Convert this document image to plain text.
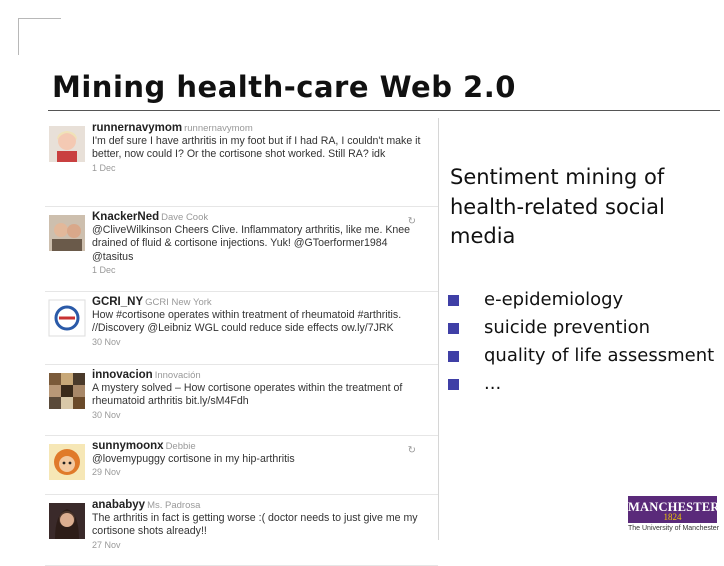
Mining health-care Web 2.0
runnernavymom runnernavymom
I'm def sure I have arthritis in my foot but if I had RA, I couldn't make it better, now could I? Or the cortisone shot worked. Still RA? idk
1 Dec
↻
KnackerNed Dave Cook
@CliveWilkinson Cheers Clive. Inflammatory arthritis, like me. Knee drained of fluid & cortisone injections. Yuk! @GToerformer1984 @tasitus
1 Dec
GCRI_NY GCRI New York
How #cortisone operates within treatment of rheumatoid #arthritis. //Discovery @Leibniz WGL could reduce side effects ow.ly/7JRK
30 Nov
innovacion Innovación
A mystery solved – How cortisone operates within the treatment of rheumatoid arthritis bit.ly/sM4Fdh
30 Nov
↻
sunnymoonx Debbie
@lovemypuggy cortisone in my hip-arthritis
29 Nov
anababyy Ms. Padrosa
The arthritis in fact is getting worse :( doctor needs to just give me my cortisone shots already!!
27 Nov
Sentiment mining of health-related social media
e-epidemiology
suicide prevention
quality of life assessment
...
MANCHESTER
1824
The University of Manchester
